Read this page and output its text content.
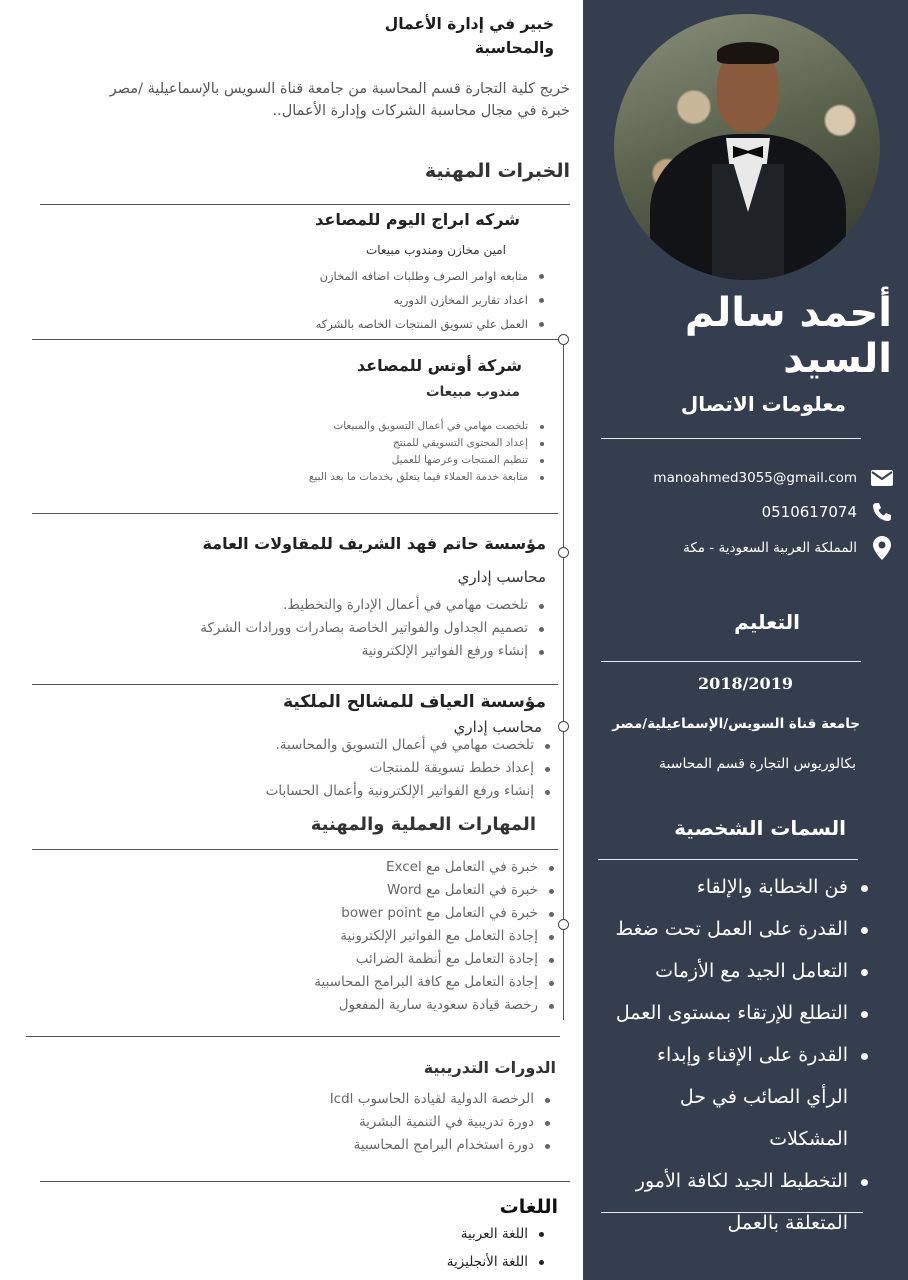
أحمد سالم السيد
معلومات الاتصال
manoahmed3055@gmail.com
0510617074
المملكة العربية السعودية - مكة
التعليم
2018/2019
جامعة قناة السويس/الإسماعيلية/مصر
بكالوريوس التجارة قسم المحاسبة
السمات الشخصية
فن الخطابة والإلقاء
القدرة على العمل تحت ضغط
التعامل الجيد مع الأزمات
التطلع للإرتقاء بمستوى العمل
القدرة على الإقناء وإبداء الرأي الصائب في حل المشكلات
التخطيط الجيد لكافة الأمور المتعلقة بالعمل
خبير في إدارة الأعمال
والمحاسبة
خريج كلية التجارة قسم المحاسبة من جامعة قناة السويس بالإسماعيلية /مصر
خبرة في مجال محاسبة الشركات وإدارة الأعمال..
الخبرات المهنية
شركه ابراج اليوم للمصاعد
امين مخازن ومندوب مبيعات
متابعه اوامر الصرف وطلبات اضافه المخازن
اعداد تقارير المخازن الدوريه
العمل علي تسويق المنتجات الخاصه بالشركه
شركة أوتس للمصاعد
مندوب مبيعات
تلخصت مهامي في أعمال التسويق والمبيعات
إعداد المحتوى التسويقي للمنتج
تنظيم المنتجات وعرضها للعميل
متابعة خدمة العملاء فيما يتعلق بخدمات ما بعد البيع
مؤسسة حاتم فهد الشريف للمقاولات العامة
محاسب إداري
تلخصت مهامي في أعمال الإدارة والتخطيط.
تصميم الجداول والفواتير الخاصة بصادرات وورادات الشركة
إنشاء ورفع الفواتير الإلكترونية
مؤسسة العياف للمشالح الملكية
محاسب إداري
تلخصت مهامي في أعمال التسويق والمحاسبة.
إعداد خطط تسويقة للمنتجات
إنشاء ورفع الفواتير الإلكترونية وأعمال الحسابات
المهارات العملية والمهنية
خبرة في التعامل مع Excel
خبرة في التعامل مع Word
خبرة في التعامل مع bower point
إجادة التعامل مع الفواتير الإلكترونية
إجادة التعامل مع أنظمة الضرائب
إجادة التعامل مع كافة البرامج المحاسبية
رخصة قيادة سعودية سارية المفعول
الدورات التدريبية
الرخصة الدولية لقيادة الحاسوب Icdl
دورة تدريبية في التنمية البشرية
دورة استخدام البرامج المحاسبية
اللغات
اللغة العربية
اللغة الأنجليزية
